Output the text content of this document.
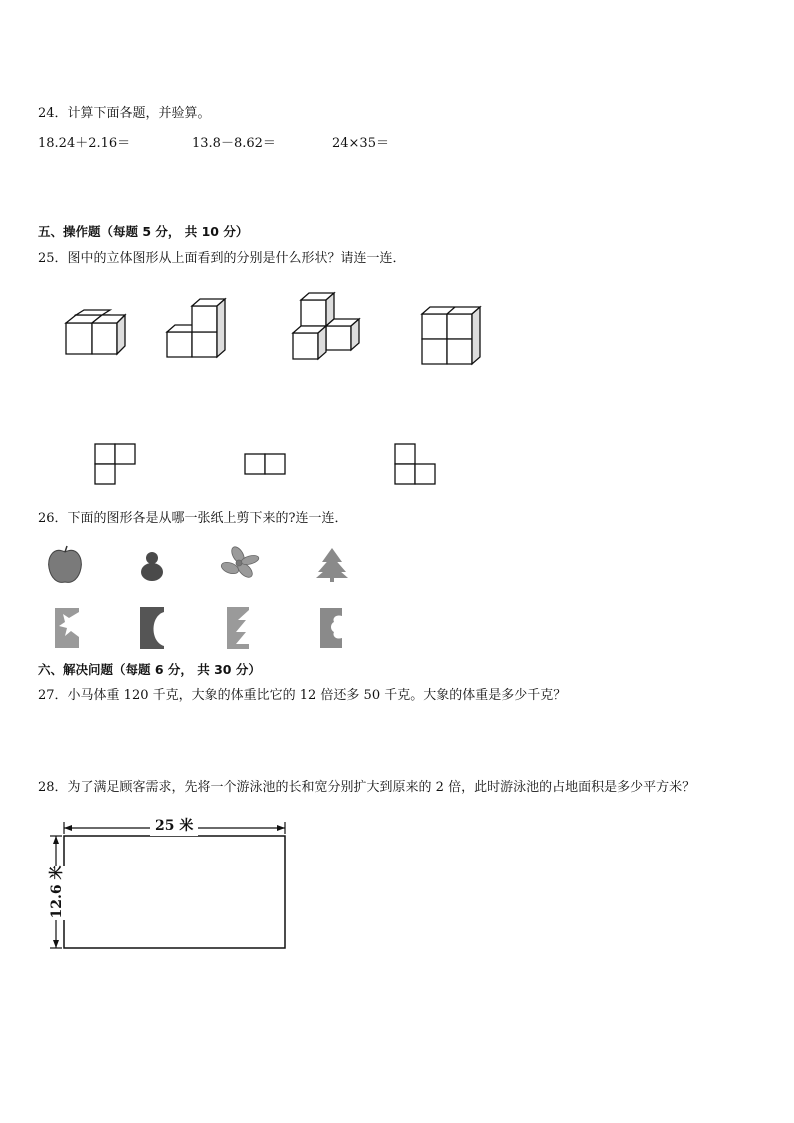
24．计算下面各题，并验算。
18.24＋2.16＝	13.8－8.62＝	24×35＝
五、操作题（每题 5 分， 共 10 分）
25．图中的立体图形从上面看到的分别是什么形状？请连一连．
26．下面的图形各是从哪一张纸上剪下来的?连一连．
六、解决问题（每题 6 分， 共 30 分）
27．小马体重 120 千克，大象的体重比它的 12 倍还多 50 千克。大象的体重是多少千克？
28．为了满足顾客需求，先将一个游泳池的长和宽分别扩大到原来的 2 倍，此时游泳池的占地面积是多少平方米？
25 米
12.6 米
